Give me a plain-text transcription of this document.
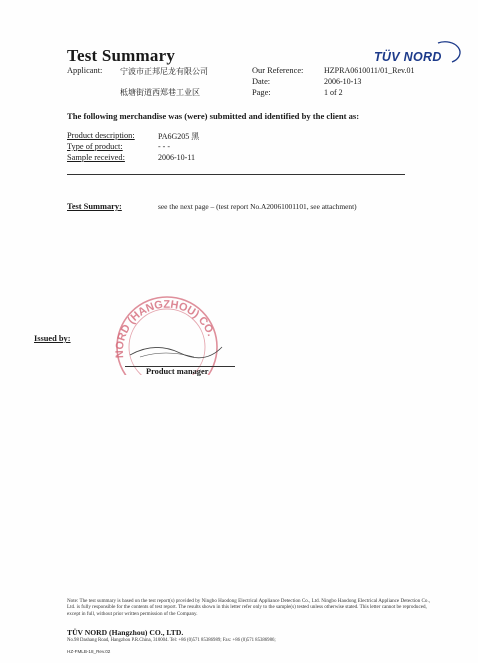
Test Summary	TÜV NORD
Applicant: 宁波市正邦尼龙有限公司
柢塘街道西郑巷工业区
Our Reference:	HZPRA0610011/01_Rev.01
Date:	2006-10-13
Page:	1 of 2
The following merchandise was (were) submitted and identified by the client as:
Product description:	PA6G205 黑
Type of product:	- - -
Sample received:	2006-10-11
Test Summary:	see the next page – (test report No.A20061001101, see attachment)
Issued by:
NORD (HANGZHOU) CO.
Product manager
Note: The test summary is based on the test report(s) provided by Ningbo Haodong Electrical Appliance Detection Co., Ltd. Ningbo Haodong Electrical Appliance Detection Co., Ltd. is fully responsible for the contents of test report. The results shown in this letter refer only to the sample(s) tested unless otherwise stated. This letter cannot be reproduced, except in full, without prior written permission of the Company.
TÜV NORD (Hangzhou) CO., LTD.
No.98 Dashang Road, Hangzhou P.R.China, 310004. Tel: +86 (0)571 85386989; Fax: +86 (0)571 85386986;
HZ-FMLB-18_Rev.02
